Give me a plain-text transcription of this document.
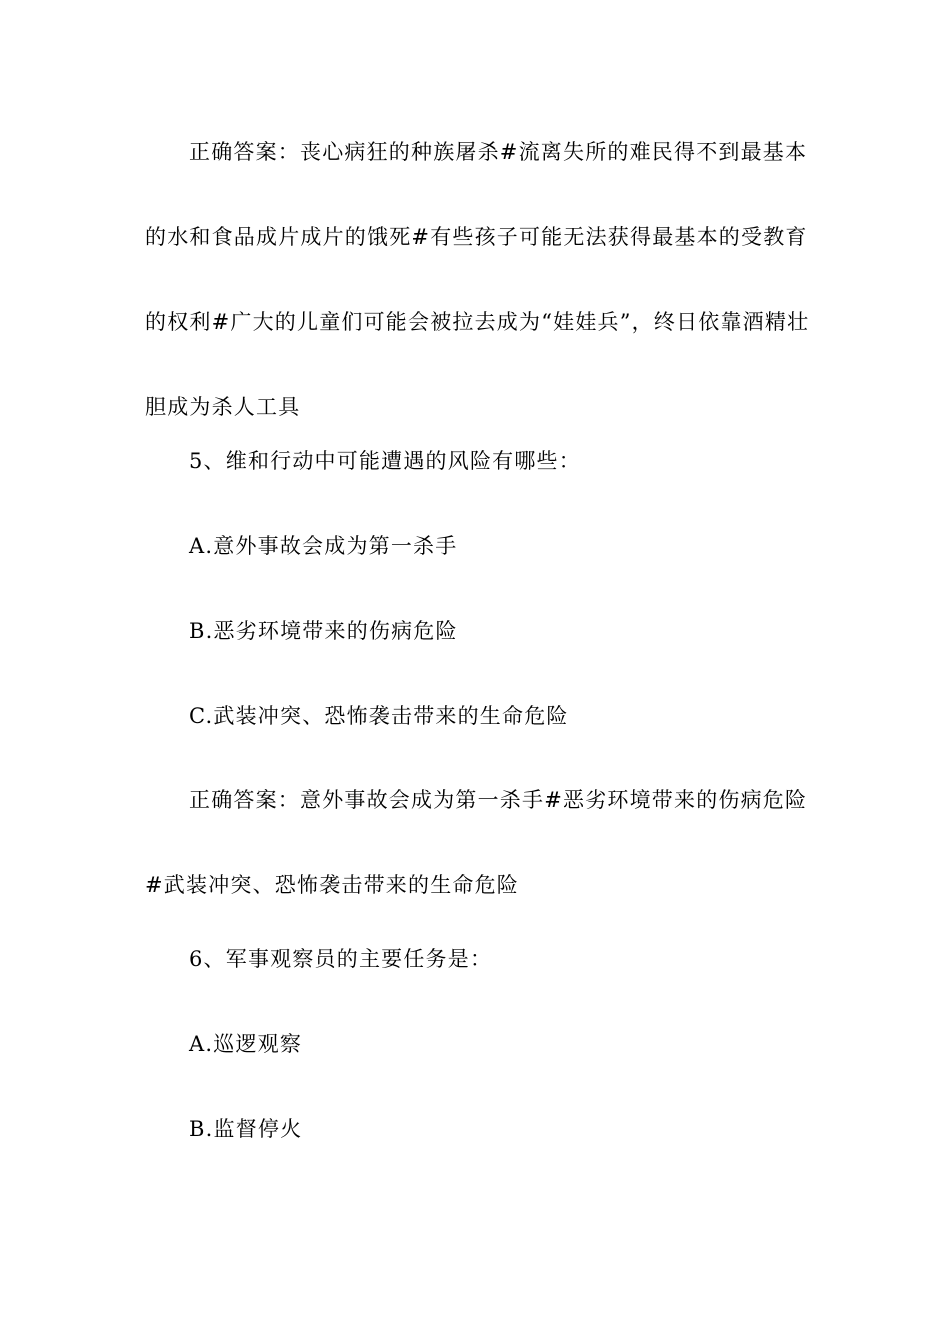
正确答案：丧心病狂的种族屠杀#流离失所的难民得不到最基本的水和食品成片成片的饿死#有些孩子可能无法获得最基本的受教育的权利#广大的儿童们可能会被拉去成为“娃娃兵”，终日依靠酒精壮胆成为杀人工具
5、维和行动中可能遭遇的风险有哪些：
A.意外事故会成为第一杀手
B.恶劣环境带来的伤病危险
C.武装冲突、恐怖袭击带来的生命危险
正确答案：意外事故会成为第一杀手#恶劣环境带来的伤病危险#武装冲突、恐怖袭击带来的生命危险
6、军事观察员的主要任务是：
A.巡逻观察
B.监督停火
